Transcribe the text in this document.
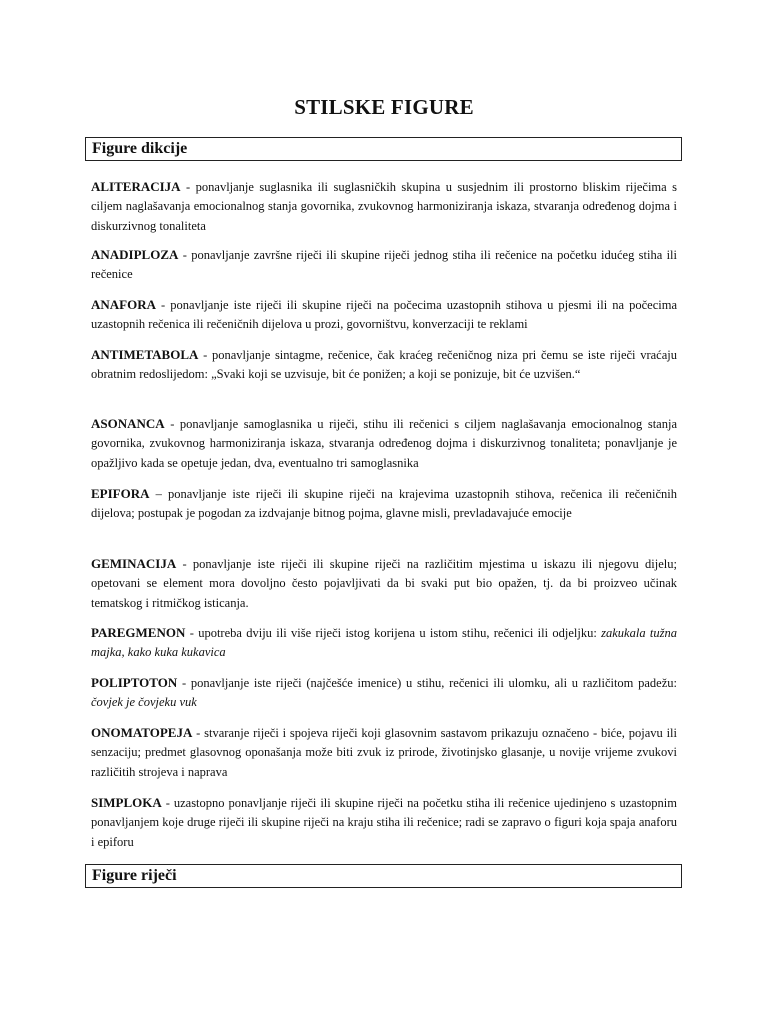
STILSKE FIGURE
Figure dikcije

ALITERACIJA - ponavljanje suglasnika ili suglasničkih skupina u susjednim ili prostorno bliskim riječima s ciljem naglašavanja emocionalnog stanja govornika, zvukovnog harmoniziranja iskaza, stvaranja određenog dojma i diskurzivnog tonaliteta

ANADIPLOZA - ponavljanje završne riječi ili skupine riječi jednog stiha ili rečenice na početku idućeg stiha ili rečenice

ANAFORA - ponavljanje iste riječi ili skupine riječi na počecima uzastopnih stihova u pjesmi ili na počecima uzastopnih rečenica ili rečeničnih dijelova u prozi, govorništvu, konverzaciji te reklami

ANTIMETABOLA - ponavljanje sintagme, rečenice, čak kraćeg rečeničnog niza pri čemu se iste riječi vraćaju obratnim redoslijedom: „Svaki koji se uzvisuje, bit će ponižen; a koji se ponizuje, bit će uzvišen.“

ASONANCA - ponavljanje samoglasnika u riječi, stihu ili rečenici s ciljem naglašavanja emocionalnog stanja govornika, zvukovnog harmoniziranja iskaza, stvaranja određenog dojma i diskurzivnog tonaliteta; ponavljanje je opažljivo kada se opetuje jedan, dva, eventualno tri samoglasnika

EPIFORA – ponavljanje iste riječi ili skupine riječi na krajevima uzastopnih stihova, rečenica ili rečeničnih dijelova; postupak je pogodan za izdvajanje bitnog pojma, glavne misli, prevladavajuće emocije

GEMINACIJA - ponavljanje iste riječi ili skupine riječi na različitim mjestima u iskazu ili njegovu dijelu; opetovani se element mora dovoljno često pojavljivati da bi svaki put bio opažen, tj. da bi proizveo učinak tematskog i ritmičkog isticanja.

PAREGMENON - upotreba dviju ili više riječi istog korijena u istom stihu, rečenici ili odjeljku: zakukala tužna majka, kako kuka kukavica

POLIPTOTON - ponavljanje iste riječi (najčešće imenice) u stihu, rečenici ili ulomku, ali u različitom padežu: čovjek je čovjeku vuk

ONOMATOPEJA - stvaranje riječi i spojeva riječi koji glasovnim sastavom prikazuju označeno - biće, pojavu ili senzaciju; predmet glasovnog oponašanja može biti zvuk iz prirode, životinjsko glasanje, u novije vrijeme zvukovi različitih strojeva i naprava

SIMPLOKA - uzastopno ponavljanje riječi ili skupine riječi na početku stiha ili rečenice ujedinjeno s uzastopnim ponavljanjem koje druge riječi ili skupine riječi na kraju stiha ili rečenice; radi se zapravo o figuri koja spaja anaforu i epiforu

Figure riječi
